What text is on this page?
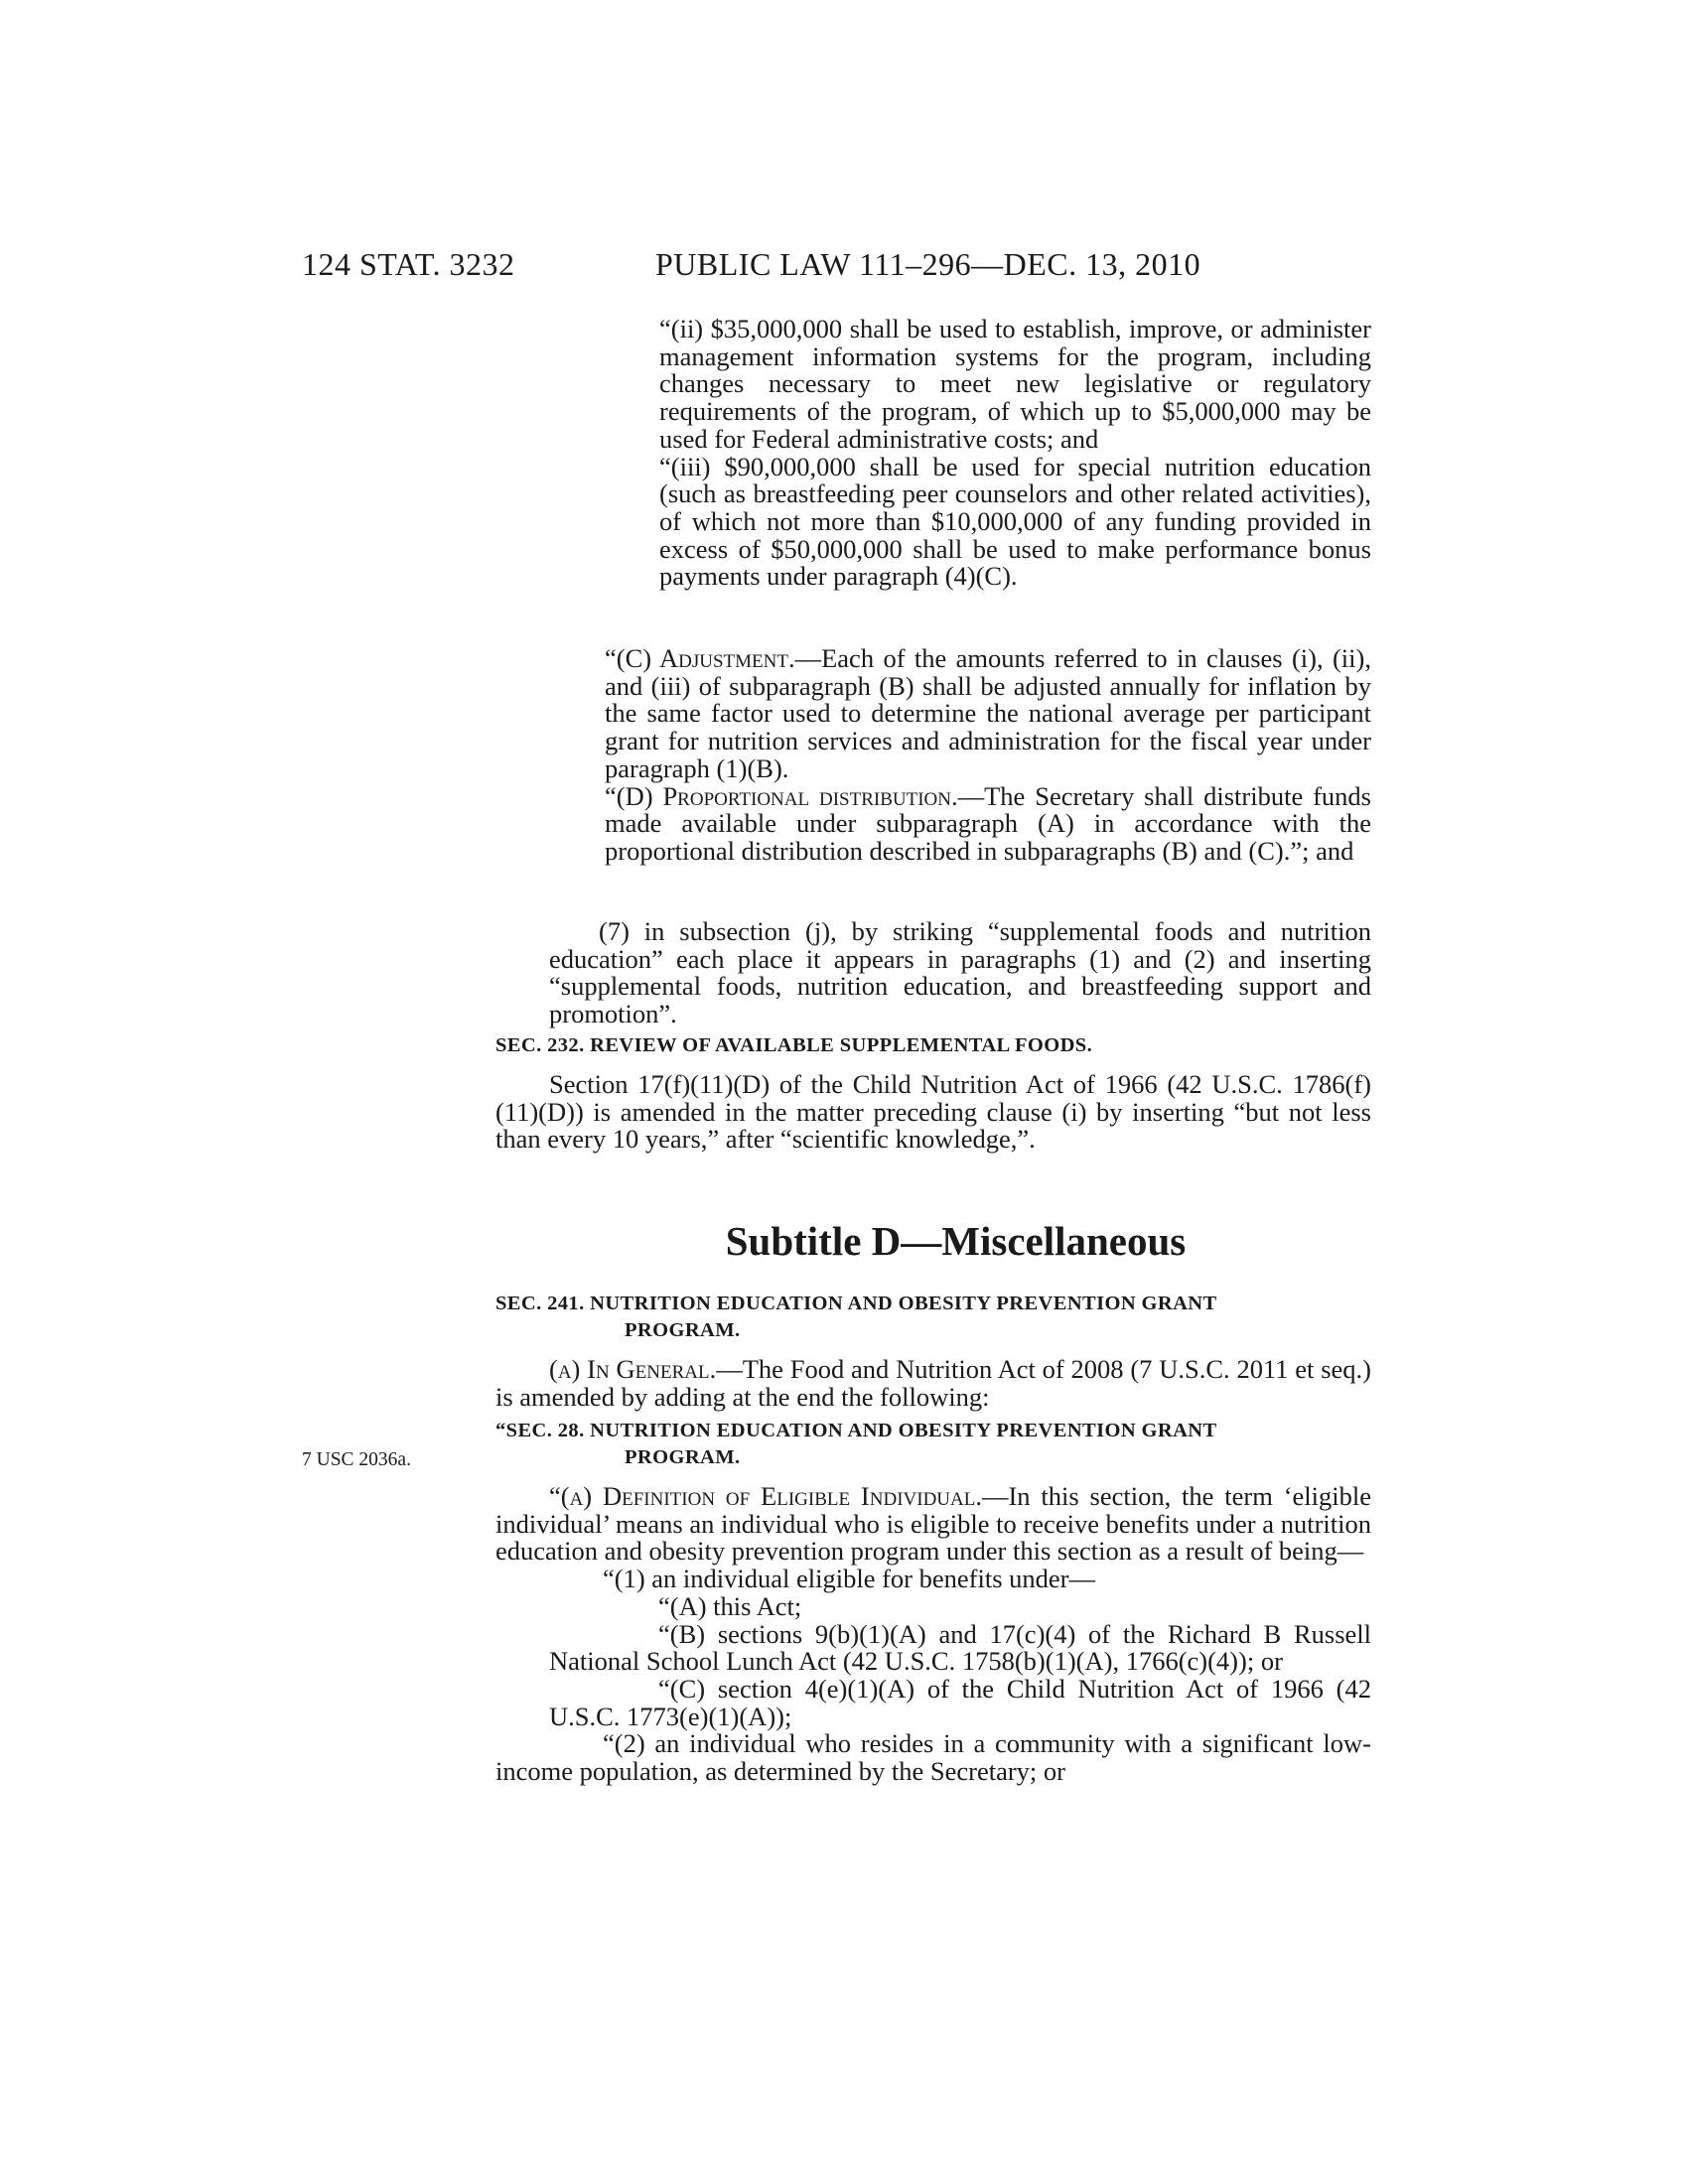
124 STAT. 3232	PUBLIC LAW 111–296—DEC. 13, 2010

“(ii) $35,000,000 shall be used to establish, improve, or administer management information systems for the program, including changes necessary to meet new legislative or regulatory requirements of the program, of which up to $5,000,000 may be used for Federal administrative costs; and

“(iii) $90,000,000 shall be used for special nutrition education (such as breastfeeding peer counselors and other related activities), of which not more than $10,000,000 of any funding provided in excess of $50,000,000 shall be used to make performance bonus payments under paragraph (4)(C).

“(C) Adjustment.—Each of the amounts referred to in clauses (i), (ii), and (iii) of subparagraph (B) shall be adjusted annually for inflation by the same factor used to determine the national average per participant grant for nutrition services and administration for the fiscal year under paragraph (1)(B).

“(D) Proportional distribution.—The Secretary shall distribute funds made available under subparagraph (A) in accordance with the proportional distribution described in subparagraphs (B) and (C).”; and

(7) in subsection (j), by striking “supplemental foods and nutrition education” each place it appears in paragraphs (1) and (2) and inserting “supplemental foods, nutrition education, and breastfeeding support and promotion”.

SEC. 232. REVIEW OF AVAILABLE SUPPLEMENTAL FOODS.

Section 17(f)(11)(D) of the Child Nutrition Act of 1966 (42 U.S.C. 1786(f)(11)(D)) is amended in the matter preceding clause (i) by inserting “but not less than every 10 years,” after “scientific knowledge,”.

Subtitle D—Miscellaneous

SEC. 241. NUTRITION EDUCATION AND OBESITY PREVENTION GRANT

PROGRAM.

(a) In General.—The Food and Nutrition Act of 2008 (7 U.S.C. 2011 et seq.) is amended by adding at the end the following:

7 USC 2036a.

“SEC. 28. NUTRITION EDUCATION AND OBESITY PREVENTION GRANT

PROGRAM.

“(a) Definition of Eligible Individual.—In this section, the term ‘eligible individual’ means an individual who is eligible to receive benefits under a nutrition education and obesity prevention program under this section as a result of being—

“(1) an individual eligible for benefits under—

“(A) this Act;

“(B) sections 9(b)(1)(A) and 17(c)(4) of the Richard B Russell National School Lunch Act (42 U.S.C. 1758(b)(1)(A), 1766(c)(4)); or

“(C) section 4(e)(1)(A) of the Child Nutrition Act of 1966 (42 U.S.C. 1773(e)(1)(A));

“(2) an individual who resides in a community with a significant low-income population, as determined by the Secretary; or
